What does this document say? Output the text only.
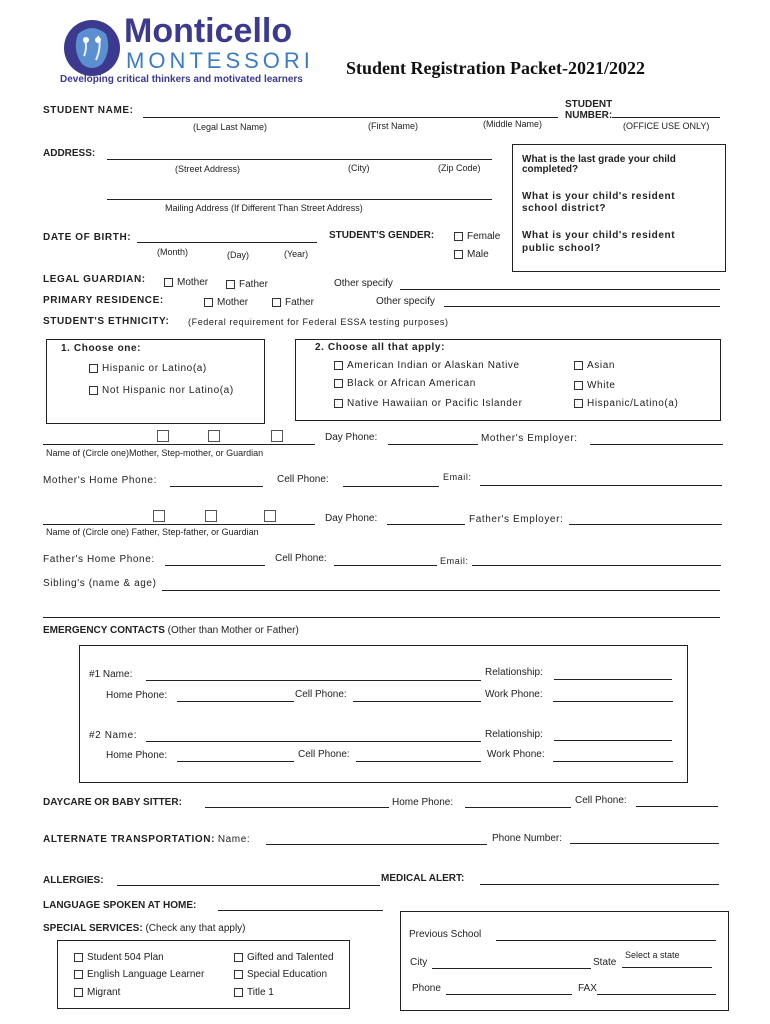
Monticello
MONTESSORI
Developing critical thinkers and motivated learners
Student Registration Packet-2021/2022
STUDENT NAME:
(Legal Last Name)	(First Name)	(Middle Name)
STUDENT
NUMBER:
(OFFICE USE ONLY)
ADDRESS:
(Street Address)	(City)	(Zip Code)
Mailing Address (If Different Than Street Address)
What is the last grade your child
completed?
What is your child's resident
school district?
What is your child's resident
public school?
DATE OF BIRTH:
(Month)	(Day)	(Year)
STUDENT'S GENDER:	Female
Male
LEGAL GUARDIAN:	Mother	Father	Other specify
PRIMARY RESIDENCE:	Mother	Father	Other specify
STUDENT'S ETHNICITY: (Federal requirement for Federal ESSA testing purposes)
1. Choose one:
Hispanic or Latino(a)
Not Hispanic nor Latino(a)
2. Choose all that apply:
American Indian or Alaskan Native
Black or African American
Native Hawaiian or Pacific Islander
Asian
White
Hispanic/Latino(a)
Name of (Circle one)Mother, Step-mother, or Guardian
Day Phone:	Mother's Employer:
Mother's Home Phone:	Cell Phone:	Email:
Name of (Circle one) Father, Step-father, or Guardian
Day Phone:	Father's Employer:
Father's Home Phone:	Cell Phone:	Email:
Sibling's (name & age)
EMERGENCY CONTACTS (Other than Mother or Father)
#1 Name:	Relationship:
Home Phone:	Cell Phone:	Work Phone:
#2 Name:	Relationship:
Home Phone:	Cell Phone:	Work Phone:
DAYCARE OR BABY SITTER:	Home Phone:	Cell Phone:
ALTERNATE TRANSPORTATION: Name:	Phone Number:
ALLERGIES:	MEDICAL ALERT:
LANGUAGE SPOKEN AT HOME:
SPECIAL SERVICES: (Check any that apply)
Student 504 Plan
English Language Learner
Migrant
Gifted and Talented
Special Education
Title 1
Previous School
City	State
Select a state
Phone	FAX
